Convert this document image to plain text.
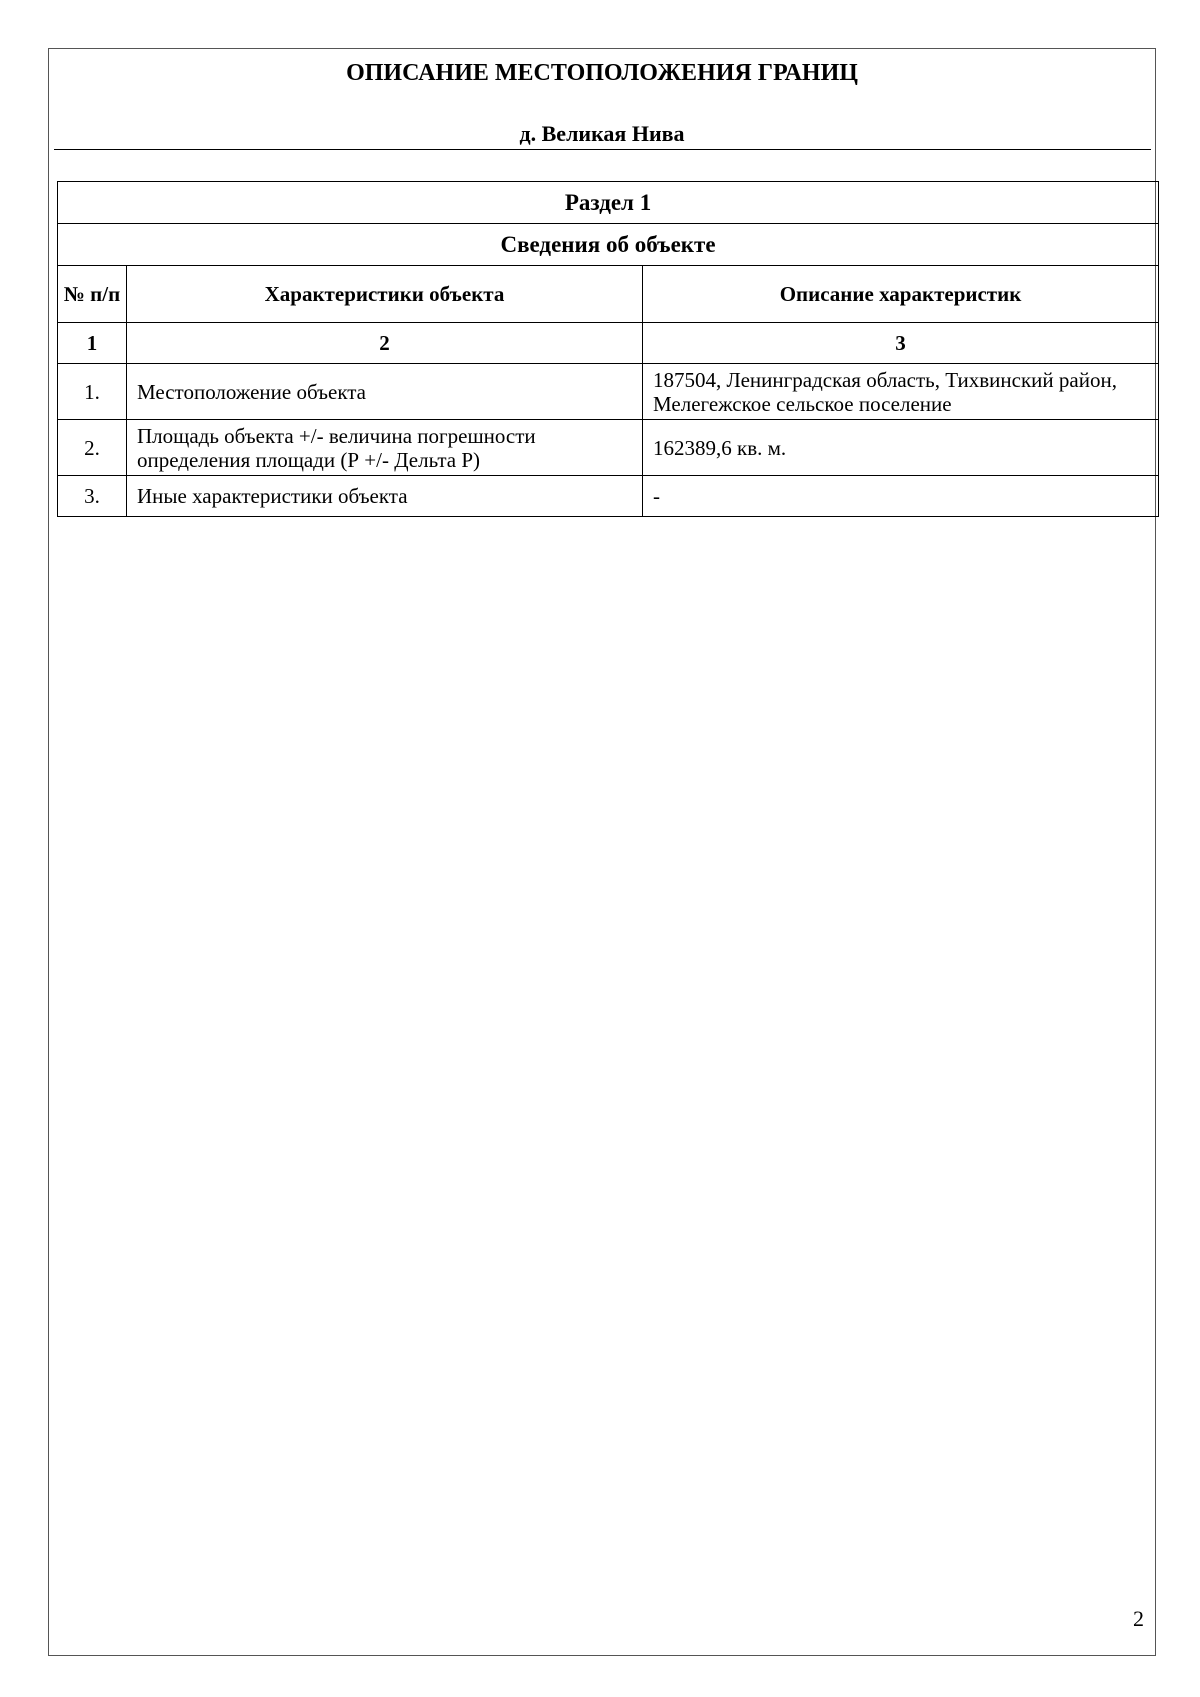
ОПИСАНИЕ МЕСТОПОЛОЖЕНИЯ ГРАНИЦ
д. Великая Нива
Раздел 1		
Сведения об объекте		
№ п/п	Характеристики объекта	Описание характеристик
1	2	3
1.	Местоположение объекта	187504, Ленинградская область, Тихвинский район, Мелегежское сельское поселение
2.	Площадь объекта +/- величина погрешности определения площади (Р +/- Дельта Р)	162389,6 кв. м.
3.	Иные характеристики объекта	-
2
